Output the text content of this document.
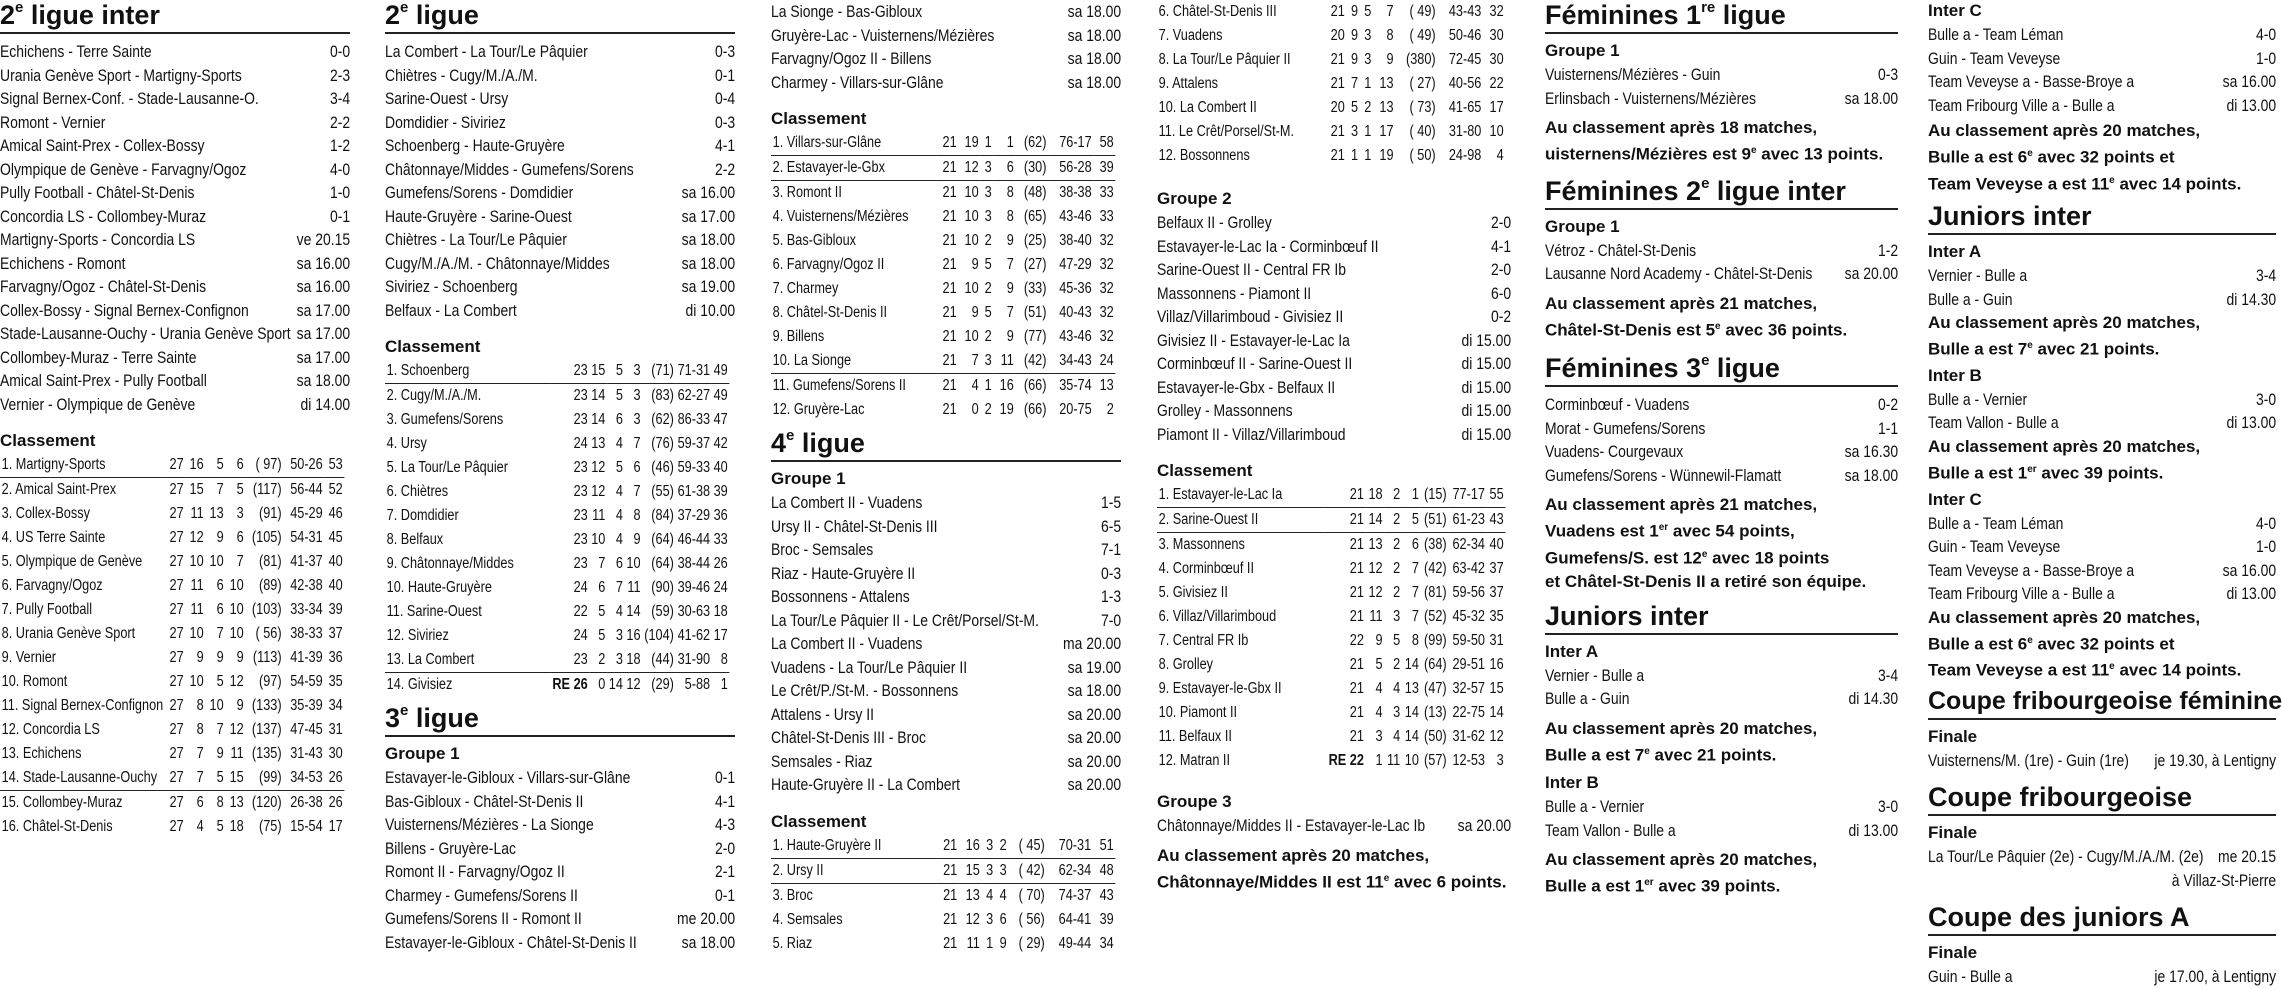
2e ligue inter
Echichens - Terre Sainte	0-0
Urania Genève Sport - Martigny-Sports	2-3
Signal Bernex-Conf. - Stade-Lausanne-O.	3-4
Romont - Vernier	2-2
Amical Saint-Prex - Collex-Bossy	1-2
Olympique de Genève - Farvagny/Ogoz	4-0
Pully Football - Châtel-St-Denis	1-0
Concordia LS - Collombey-Muraz	0-1
Martigny-Sports - Concordia LS	ve 20.15
Echichens - Romont	sa 16.00
Farvagny/Ogoz - Châtel-St-Denis	sa 16.00
Collex-Bossy - Signal Bernex-Confignon	sa 17.00
Stade-Lausanne-Ouchy - Urania Genève Sport sa 17.00
Collombey-Muraz - Terre Sainte	sa 17.00
Amical Saint-Prex - Pully Football	sa 18.00
Vernier - Olympique de Genève	di 14.00
Classement
1. Martigny-Sports	27	16	5	6	( 97)	50-26	53
2. Amical Saint-Prex	27	15	7	5	(117)	56-44	52
3. Collex-Bossy	27	11	13	3	(91)	45-29	46
4. US Terre Sainte	27	12	9	6	(105)	54-31	45
5. Olympique de Genève	27	10	10	7	(81)	41-37	40
6. Farvagny/Ogoz	27	11	6	10	(89)	42-38	40
7. Pully Football	27	11	6	10	(103)	33-34	39
8. Urania Genève Sport	27	10	7	10	( 56)	38-33	37
9. Vernier	27	9	9	9	(113)	41-39	36
10. Romont	27	10	5	12	(97)	54-59	35
11. Signal Bernex-Confignon	27	8	10	9	(133)	35-39	34
12. Concordia LS	27	8	7	12	(137)	47-45	31
13. Echichens	27	7	9	11	(135)	31-43	30
14. Stade-Lausanne-Ouchy	27	7	5	15	(99)	34-53	26
15. Collombey-Muraz	27	6	8	13	(120)	26-38	26
16. Châtel-St-Denis	27	4	5	18	(75)	15-54	17
2e ligue
La Combert - La Tour/Le Pâquier	0-3
Chiètres - Cugy/M./A./M.	0-1
Sarine-Ouest - Ursy	0-4
Domdidier - Siviriez	0-3
Schoenberg - Haute-Gruyère	4-1
Châtonnaye/Middes - Gumefens/Sorens	2-2
Gumefens/Sorens - Domdidier	sa 16.00
Haute-Gruyère - Sarine-Ouest	sa 17.00
Chiètres - La Tour/Le Pâquier	sa 18.00
Cugy/M./A./M. - Châtonnaye/Middes	sa 18.00
Siviriez - Schoenberg	sa 19.00
Belfaux - La Combert	di 10.00
Classement
1. Schoenberg	23	15	5	3	(71)	71-31	49
2. Cugy/M./A./M.	23	14	5	3	(83)	62-27	49
3. Gumefens/Sorens	23	14	6	3	(62)	86-33	47
4. Ursy	24	13	4	7	(76)	59-37	42
5. La Tour/Le Pâquier	23	12	5	6	(46)	59-33	40
6. Chiètres	23	12	4	7	(55)	61-38	39
7. Domdidier	23	11	4	8	(84)	37-29	36
8. Belfaux	23	10	4	9	(64)	46-44	33
9. Châtonnaye/Middes	23	7	6	10	(64)	38-44	26
10. Haute-Gruyère	24	6	7	11	(90)	39-46	24
11. Sarine-Ouest	22	5	4	14	(59)	30-63	18
12. Siviriez	24	5	3	16	(104)	41-62	17
13. La Combert	23	2	3	18	(44)	31-90	8
14. Givisiez	RE 26	0	14	12	(29)	5-88	1
3e ligue
Groupe 1
Estavayer-le-Gibloux - Villars-sur-Glâne	0-1
Bas-Gibloux - Châtel-St-Denis II	4-1
Vuisternens/Mézières - La Sionge	4-3
Billens - Gruyère-Lac	2-0
Romont II - Farvagny/Ogoz II	2-1
Charmey - Gumefens/Sorens II	0-1
Gumefens/Sorens II - Romont II	me 20.00
Estavayer-le-Gibloux - Châtel-St-Denis II	sa 18.00
La Sionge - Bas-Gibloux	sa 18.00
Gruyère-Lac - Vuisternens/Mézières	sa 18.00
Farvagny/Ogoz II - Billens	sa 18.00
Charmey - Villars-sur-Glâne	sa 18.00
Classement
1. Villars-sur-Glâne	21	19	1	1	(62)	76-17	58
2. Estavayer-le-Gbx	21	12	3	6	(30)	56-28	39
3. Romont II	21	10	3	8	(48)	38-38	33
4. Vuisternens/Mézières	21	10	3	8	(65)	43-46	33
5. Bas-Gibloux	21	10	2	9	(25)	38-40	32
6. Farvagny/Ogoz II	21	9	5	7	(27)	47-29	32
7. Charmey	21	10	2	9	(33)	45-36	32
8. Châtel-St-Denis II	21	9	5	7	(51)	40-43	32
9. Billens	21	10	2	9	(77)	43-46	32
10. La Sionge	21	7	3	11	(42)	34-43	24
11. Gumefens/Sorens II	21	4	1	16	(66)	35-74	13
12. Gruyère-Lac	21	0	2	19	(66)	20-75	2
4e ligue
Groupe 1
La Combert II - Vuadens	1-5
Ursy II - Châtel-St-Denis III	6-5
Broc - Semsales	7-1
Riaz - Haute-Gruyère II	0-3
Bossonnens - Attalens	1-3
La Tour/Le Pâquier II - Le Crêt/Porsel/St-M.	7-0
La Combert II - Vuadens	ma 20.00
Vuadens - La Tour/Le Pâquier II	sa 19.00
Le Crêt/P./St-M. - Bossonnens	sa 18.00
Attalens - Ursy II	sa 20.00
Châtel-St-Denis III - Broc	sa 20.00
Semsales - Riaz	sa 20.00
Haute-Gruyère II - La Combert	sa 20.00
Classement
1. Haute-Gruyère II	21	16	3	2	( 45)	70-31	51
2. Ursy II	21	15	3	3	( 42)	62-34	48
3. Broc	21	13	4	4	( 70)	74-37	43
4. Semsales	21	12	3	6	( 56)	64-41	39
5. Riaz	21	11	1	9	( 29)	49-44	34
6. Châtel-St-Denis III	21	9	5	7	( 49)	43-43	32
7. Vuadens	20	9	3	8	( 49)	50-46	30
8. La Tour/Le Pâquier II	21	9	3	9	(380)	72-45	30
9. Attalens	21	7	1	13	( 27)	40-56	22
10. La Combert II	20	5	2	13	( 73)	41-65	17
11. Le Crêt/Porsel/St-M.	21	3	1	17	( 40)	31-80	10
12. Bossonnens	21	1	1	19	( 50)	24-98	4
Groupe 2
Belfaux II - Grolley	2-0
Estavayer-le-Lac Ia - Corminbœuf II	4-1
Sarine-Ouest II - Central FR Ib	2-0
Massonnens - Piamont II	6-0
Villaz/Villarimboud - Givisiez II	0-2
Givisiez II - Estavayer-le-Lac Ia	di 15.00
Corminbœuf II - Sarine-Ouest II	di 15.00
Estavayer-le-Gbx - Belfaux II	di 15.00
Grolley - Massonnens	di 15.00
Piamont II - Villaz/Villarimboud	di 15.00
Classement
1. Estavayer-le-Lac Ia	21	18	2	1	(15)	77-17	55
2. Sarine-Ouest II	21	14	2	5	(51)	61-23	43
3. Massonnens	21	13	2	6	(38)	62-34	40
4. Corminbœuf II	21	12	2	7	(42)	63-42	37
5. Givisiez II	21	12	2	7	(81)	59-56	37
6. Villaz/Villarimboud	21	11	3	7	(52)	45-32	35
7. Central FR Ib	22	9	5	8	(99)	59-50	31
8. Grolley	21	5	2	14	(64)	29-51	16
9. Estavayer-le-Gbx II	21	4	4	13	(47)	32-57	15
10. Piamont II	21	4	3	14	(13)	22-75	14
11. Belfaux II	21	3	4	14	(50)	31-62	12
12. Matran II	RE 22	1	11	10	(57)	12-53	3
Groupe 3
Châtonnaye/Middes II - Estavayer-le-Lac Ib sa 20.00
Au classement après 20 matches,
Châtonnaye/Middes II est 11e avec 6 points.
Féminines 1re ligue
Groupe 1
Vuisternens/Mézières - Guin	0-3
Erlinsbach - Vuisternens/Mézières	sa 18.00
Au classement après 18 matches,
uisternens/Mézières est 9e avec 13 points.
Féminines 2e ligue inter
Groupe 1
Vétroz - Châtel-St-Denis	1-2
Lausanne Nord Academy - Châtel-St-Denis sa 20.00
Au classement après 21 matches,
Châtel-St-Denis est 5e avec 36 points.
Féminines 3e ligue
Corminbœuf - Vuadens	0-2
Morat - Gumefens/Sorens	1-1
Vuadens- Courgevaux	sa 16.30
Gumefens/Sorens - Wünnewil-Flamatt	sa 18.00
Au classement après 21 matches,
Vuadens est 1er avec 54 points,
Gumefens/S. est 12e avec 18 points
et Châtel-St-Denis II a retiré son équipe.
Juniors inter
Inter A
Vernier - Bulle a	3-4
Bulle a - Guin	di 14.30
Au classement après 20 matches,
Bulle a est 7e avec 21 points.
Inter B
Bulle a - Vernier	3-0
Team Vallon - Bulle a	di 13.00
Au classement après 20 matches,
Bulle a est 1er avec 39 points.
Inter C
Bulle a - Team Léman	4-0
Guin - Team Veveyse	1-0
Team Veveyse a - Basse-Broye a	sa 16.00
Team Fribourg Ville a - Bulle a	di 13.00
Au classement après 20 matches,
Bulle a est 6e avec 32 points et
Team Veveyse a est 11e avec 14 points.
Juniors inter
Inter A
Vernier - Bulle a	3-4
Bulle a - Guin	di 14.30
Au classement après 20 matches,
Bulle a est 7e avec 21 points.
Inter B
Bulle a - Vernier	3-0
Team Vallon - Bulle a	di 13.00
Au classement après 20 matches,
Bulle a est 1er avec 39 points.
Inter C
Bulle a - Team Léman	4-0
Guin - Team Veveyse	1-0
Team Veveyse a - Basse-Broye a	sa 16.00
Team Fribourg Ville a - Bulle a	di 13.00
Au classement après 20 matches,
Bulle a est 6e avec 32 points et
Team Veveyse a est 11e avec 14 points.
Coupe fribourgeoise féminine
Finale
Vuisternens/M. (1re) - Guin (1re) je 19.30, à Lentigny
Coupe fribourgeoise
Finale
La Tour/Le Pâquier (2e) - Cugy/M./A./M. (2e) me 20.15
à Villaz-St-Pierre
Coupe des juniors A
Finale
Guin - Bulle a	je 17.00, à Lentigny
